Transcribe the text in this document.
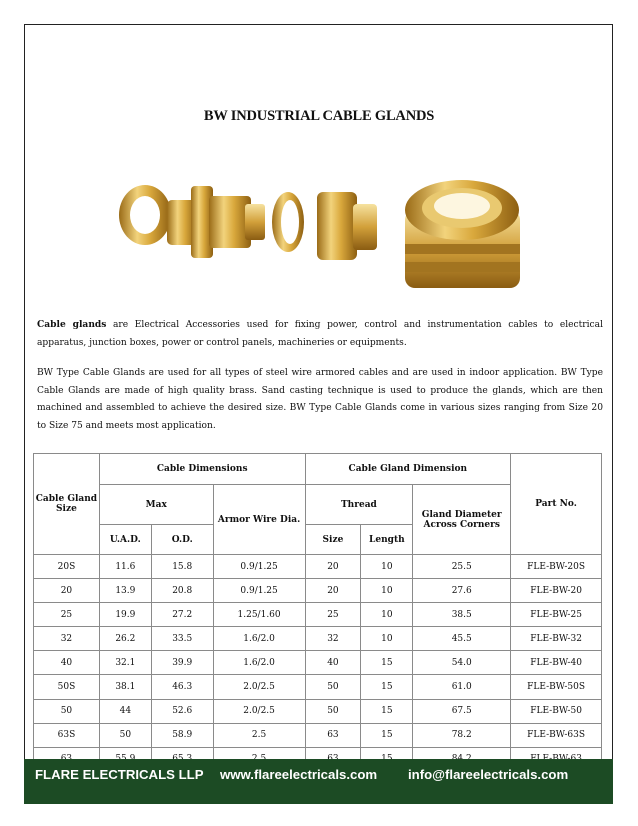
BW INDUSTRIAL CABLE GLANDS
Cable glands are Electrical Accessories used for fixing power, control and instrumentation cables to electrical apparatus, junction boxes, power or control panels, machineries or equipments.
BW Type Cable Glands are used for all types of steel wire armored cables and are used in indoor application. BW Type Cable Glands are made of high quality brass. Sand casting technique is used to produce the glands, which are then machined and assembled to achieve the desired size. BW Type Cable Glands come in various sizes ranging from Size 20 to Size 75 and meets most application.
Cable Gland Size	Cable Dimensions			Cable Gland Dimension			Part No.
	Max		Armor Wire Dia.	Thread		Gland Diameter Across Corners	
	U.A.D.	O.D.		Size	Length		
20S	11.6	15.8	0.9/1.25	20	10	25.5	FLE-BW-20S
20	13.9	20.8	0.9/1.25	20	10	27.6	FLE-BW-20
25	19.9	27.2	1.25/1.60	25	10	38.5	FLE-BW-25
32	26.2	33.5	1.6/2.0	32	10	45.5	FLE-BW-32
40	32.1	39.9	1.6/2.0	40	15	54.0	FLE-BW-40
50S	38.1	46.3	2.0/2.5	50	15	61.0	FLE-BW-50S
50	44	52.6	2.0/2.5	50	15	67.5	FLE-BW-50
63S	50	58.9	2.5	63	15	78.2	FLE-BW-63S

FLARE ELECTRICALS LLP www.flareelectricals.com info@flareelectricals.com
